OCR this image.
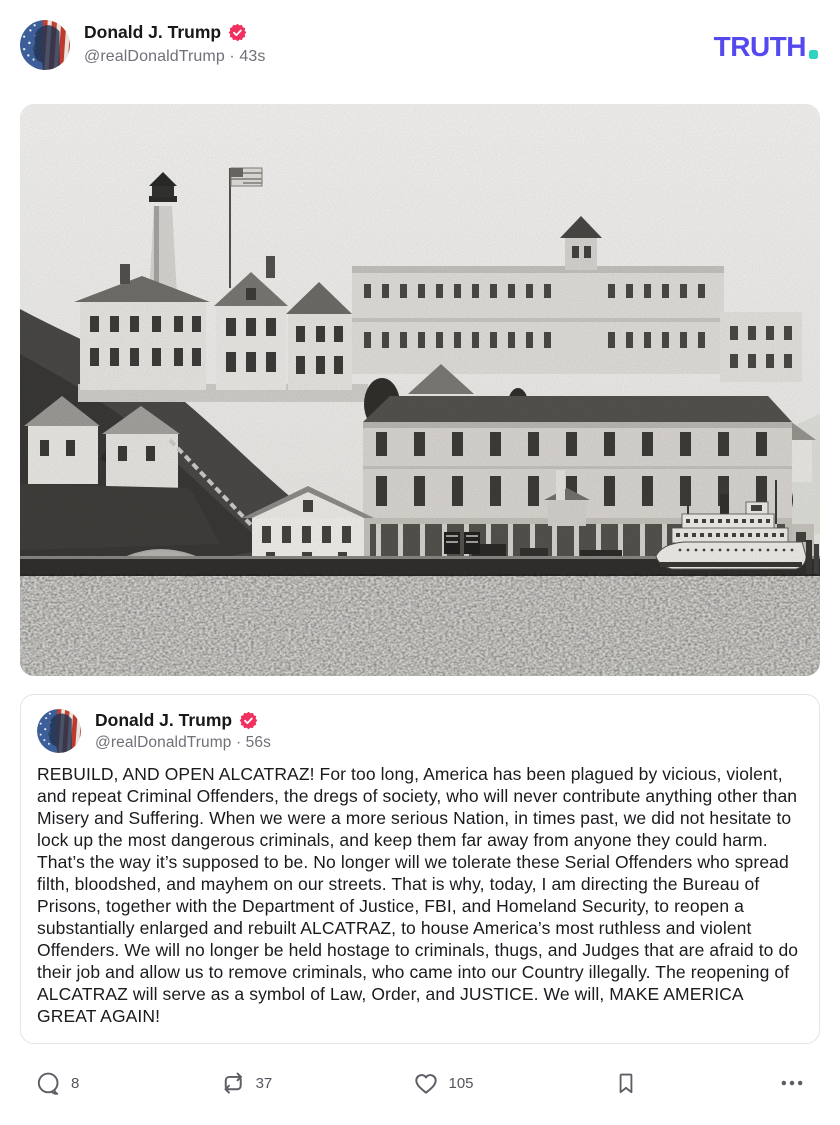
Donald J. Trump
@realDonaldTrump · 43s	TRUTH
Donald J. Trump
@realDonaldTrump · 56s
REBUILD, AND OPEN ALCATRAZ! For too long, America has been plagued by vicious, violent, and repeat Criminal Offenders, the dregs of society, who will never contribute anything other than Misery and Suffering. When we were a more serious Nation, in times past, we did not hesitate to lock up the most dangerous criminals, and keep them far away from anyone they could harm. That’s the way it’s supposed to be. No longer will we tolerate these Serial Offenders who spread filth, bloodshed, and mayhem on our streets. That is why, today, I am directing the Bureau of Prisons, together with the Department of Justice, FBI, and Homeland Security, to reopen a substantially enlarged and rebuilt ALCATRAZ, to house America’s most ruthless and violent Offenders. We will no longer be held hostage to criminals, thugs, and Judges that are afraid to do their job and allow us to remove criminals, who came into our Country illegally. The reopening of ALCATRAZ will serve as a symbol of Law, Order, and JUSTICE. We will, MAKE AMERICA GREAT AGAIN!
8	37	105
